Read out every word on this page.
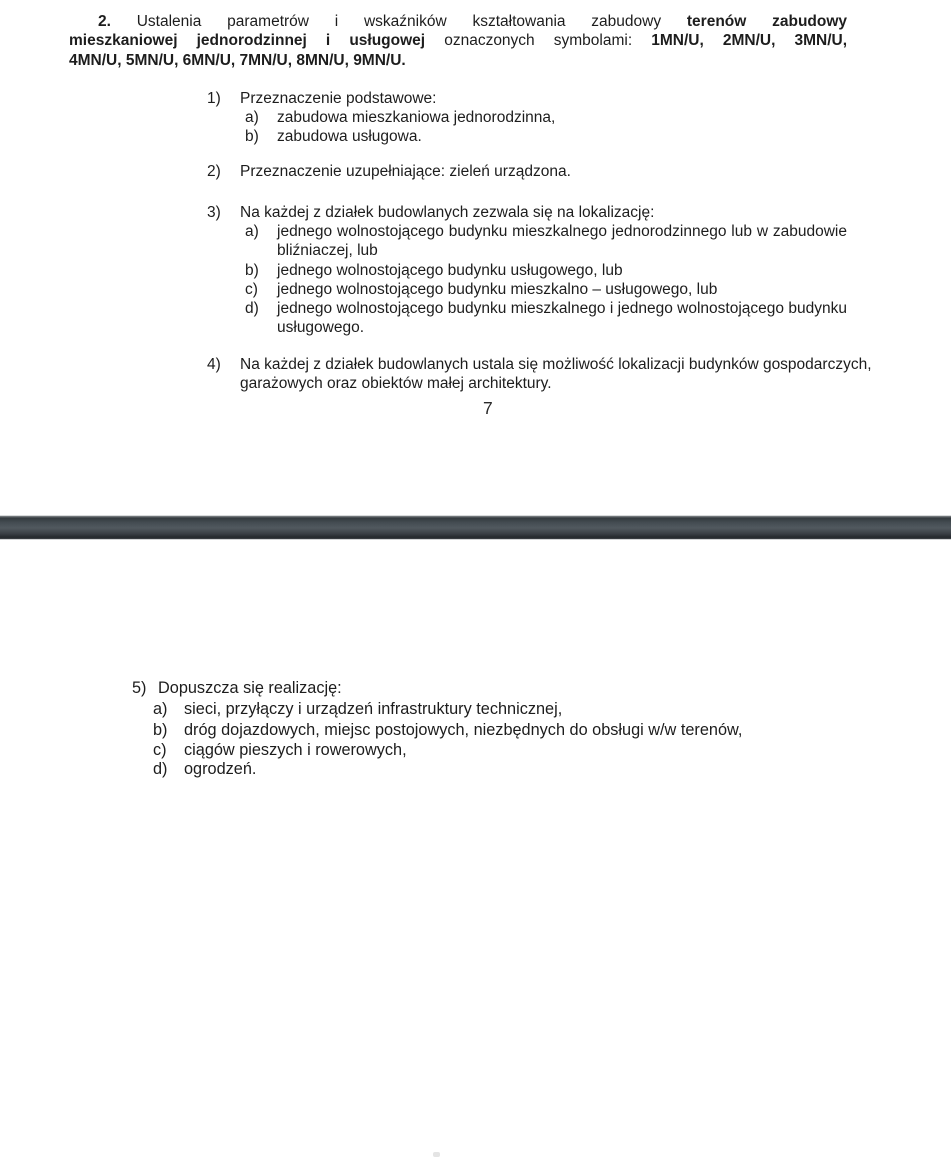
2. Ustalenia parametrów i wskaźników kształtowania zabudowy terenów zabudowy
mieszkaniowej jednorodzinnej i usługowej oznaczonych symbolami: 1MN/U, 2MN/U, 3MN/U,
4MN/U, 5MN/U, 6MN/U, 7MN/U, 8MN/U, 9MN/U.
1)	Przeznaczenie podstawowe:
a)	zabudowa mieszkaniowa jednorodzinna,
b)	zabudowa usługowa.
2)	Przeznaczenie uzupełniające: zieleń urządzona.
3)	Na każdej z działek budowlanych zezwala się na lokalizację:
a)	jednego wolnostojącego budynku mieszkalnego jednorodzinnego lub w zabudowie
bliźniaczej, lub
b)	jednego wolnostojącego budynku usługowego, lub
c)	jednego wolnostojącego budynku mieszkalno – usługowego, lub
d)	jednego wolnostojącego budynku mieszkalnego i jednego wolnostojącego budynku
usługowego.
4)	Na każdej z działek budowlanych ustala się możliwość lokalizacji budynków gospodarczych,
garażowych oraz obiektów małej architektury.
7
5) Dopuszcza się realizację:
a)	sieci, przyłączy i urządzeń infrastruktury technicznej,
b)	dróg dojazdowych, miejsc postojowych, niezbędnych do obsługi w/w terenów,
c)	ciągów pieszych i rowerowych,
d)	ogrodzeń.
